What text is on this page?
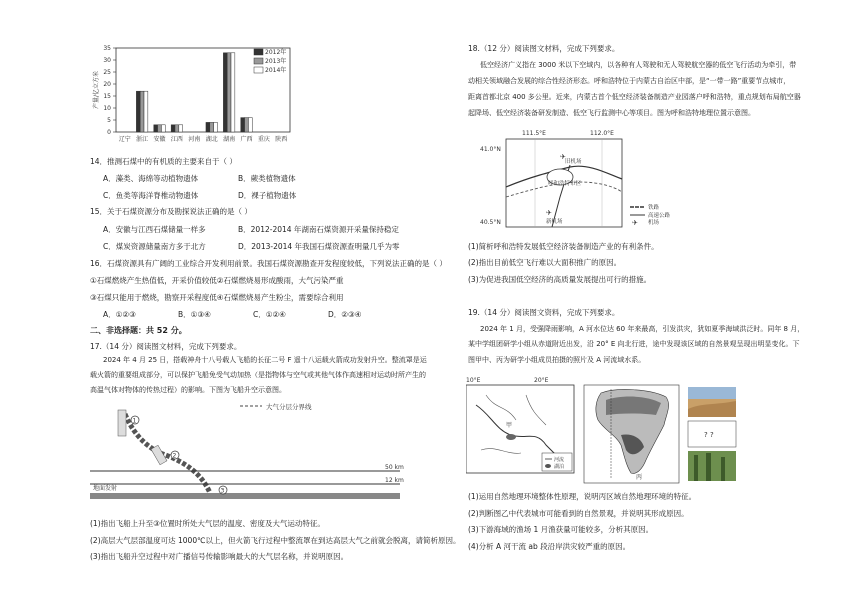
0
5
10
15
20
25
30
35
产量/亿立方米
辽宁 浙江 安徽 江西 河南 湖北 湖南 广西 重庆 陕西
2012年
2013年
2014年
14．推测石煤中的有机质的主要来自于（ ）
A．藻类、海绵等动植物遗体	B．蕨类植物遗体
C．鱼类等海洋脊椎动物遗体	D．裸子植物遗体
15．关于石煤资源分布及勘探说法正确的是（ ）
A．安徽与江西石煤储量一样多	B．2012-2014 年湖南石煤资源开采量保持稳定
C．煤炭资源储量南方多于北方	D．2013-2014 年我国石煤资源查明量几乎为零
16．石煤资源具有广阔的工业综合开发利用前景。我国石煤资源勘查开发程度较低，下列说法正确的是（ ）
①石煤燃烧产生热值低，开采价值较低②石煤燃烧易形成酸雨，大气污染严重
③石煤只能用于燃烧，勘察开采程度低④石煤燃烧易产生粉尘，需要综合利用
A．①②③	B．①③④	C．①②④	D．②③④
二、非选择题：共 52 分。
17.（14 分）阅读图文材料，完成下列要求。
2024 年 4 月 25 日，搭载神舟十八号载人飞船的长征二号 F 遥十八运载火箭成功发射升空。整流罩是运
载火箭的重要组成部分，可以保护飞船免受气动加热（是指物体与空气或其他气体作高速相对运动时所产生的
高温气体对物体的传热过程）的影响。下图为飞船升空示意图。
大气分层分界线
50 km
12 km
地面发射
1
2
3
(1)指出飞船上升至③位置时所处大气层的温度、密度及大气运动特征。
(2)高层大气层部温度可达 1000℃以上，但火箭飞行过程中整流罩在到达高层大气之前就会脱离，请简析原因。
(3)指出飞船升空过程中对广播信号传输影响最大的大气层名称，并说明原因。
18.（12 分）阅读图文材料，完成下列要求。
低空经济广义指在 3000 米以下空域内，以各种有人驾驶和无人驾驶航空器的低空飞行活动为牵引，带
动相关领域融合发展的综合性经济形态。呼和浩特位于内蒙古自治区中部，是“一带一路”重要节点城市，
距离首都北京 400 多公里。近来，内蒙古首个低空经济装备制造产业园落户呼和浩特，重点规划布局航空器
起降场、低空经济装备研发制造、低空飞行监测中心等项目。图为呼和浩特地理位置示意图。
111.5°E	112.0°E
41.0°N
40.5°N
呼和浩特市区
旧机场
新机场
✈
✈
铁路
高速公路
✈ 机场
(1)简析呼和浩特发展低空经济装备制造产业的有利条件。
(2)指出目前低空飞行难以大面积推广的原因。
(3)为促进我国低空经济的高质量发展提出可行的措施。
19.（14 分）阅读图文资料，完成下列要求。
2024 年 1 月，受强降雨影响，A 河水位达 60 年来最高，引发洪灾，犹如夏季海域洪泛时。同年 8 月，
某中学组团研学小组从赤道附近出发，沿 20° E 向北行进，途中发现该区域的自然景观呈现出明显变化。下
图甲中、丙为研学小组成员拍摄的照片及 A 河流域水系。
10°E	20°E
甲
河流
湖泊
丙
? ?
(1)运用自然地理环境整体性原理，说明丙区域自然地理环境的特征。
(2)判断图乙中代表城市可能看到的自然景观，并说明其形成原因。
(3)下游海域的渔场 1 月渔获量可能较多，分析其原因。
(4)分析 A 河干流 ab 段沿岸洪灾较严重的原因。
